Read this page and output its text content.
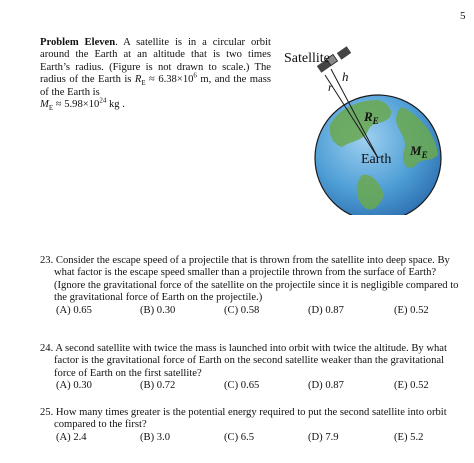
5

Problem Eleven. A satellite is in a circular orbit around the Earth at an altitude that is two times Earth’s radius. (Figure is not drawn to scale.) The radius of the Earth is $R_E \approx 6.38\times 10^6$ m, and the mass of the Earth is
$M_E \approx 5.98\times 10^{24}$ kg .

Satellite
h
r
$R_E$
Earth
$M_E$

23. Consider the escape speed of a projectile that is thrown from the satellite into deep space. By what factor is the escape speed smaller than a projectile thrown from the surface of Earth? (Ignore the gravitational force of the satellite on the projectile since it is negligible compared to the gravitational force of Earth on the projectile.)

(A) 0.65	(B) 0.30	(C) 0.58	(D) 0.87	(E) 0.52

24. A second satellite with twice the mass is launched into orbit with twice the altitude. By what factor is the gravitational force of Earth on the second satellite weaker than the gravitational force of Earth on the first satellite?

(A) 0.30	(B) 0.72	(C) 0.65	(D) 0.87	(E) 0.52

25. How many times greater is the potential energy required to put the second satellite into orbit compared to the first?

(A) 2.4	(B) 3.0	(C) 6.5	(D) 7.9	(E) 5.2
